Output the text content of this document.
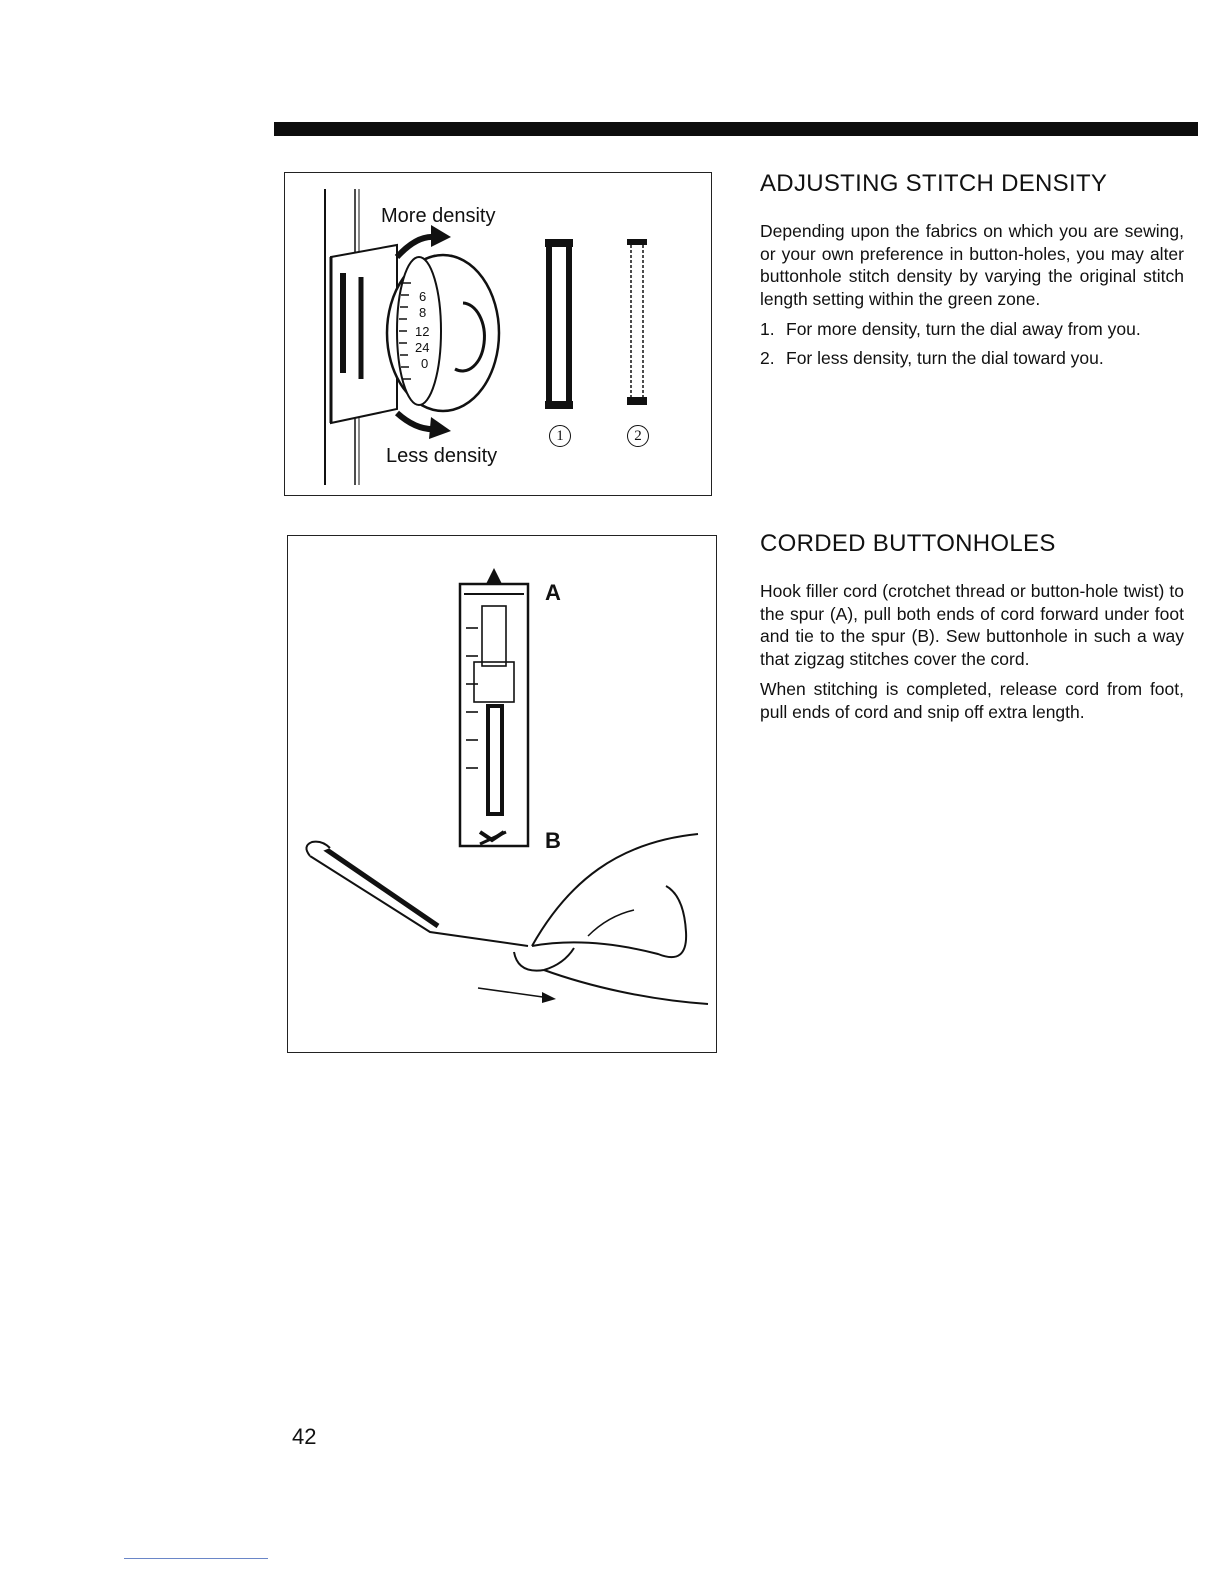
6
8
12
24
0
More density
Less density
1	2
A
B
ADJUSTING STITCH DENSITY

Depending upon the fabrics on which you are sewing, or your own preference in button-holes, you may alter buttonhole stitch density by varying the original stitch length setting within the green zone.

1. For more density, turn the dial away from you.
2. For less density, turn the dial toward you.
CORDED BUTTONHOLES

Hook filler cord (crotchet thread or button-hole twist) to the spur (A), pull both ends of cord forward under foot and tie to the spur (B). Sew buttonhole in such a way that zigzag stitches cover the cord.

When stitching is completed, release cord from foot, pull ends of cord and snip off extra length.

42
